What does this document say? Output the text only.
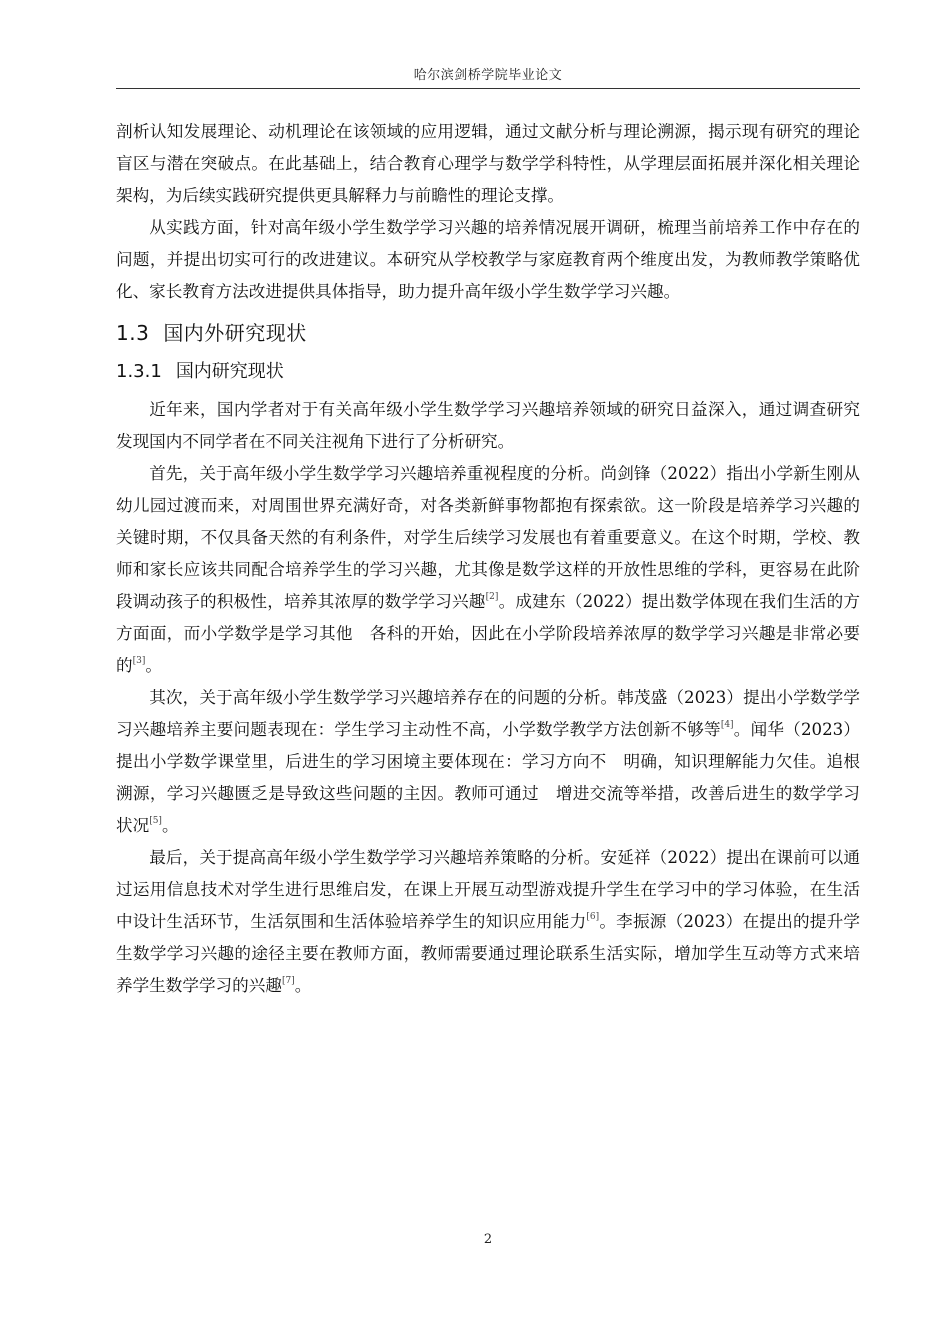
哈尔滨剑桥学院毕业论文

剖析认知发展理论、动机理论在该领域的应用逻辑，通过文献分析与理论溯源，揭示现有研究的理论盲区与潜在突破点。在此基础上，结合教育心理学与数学学科特性，从学理层面拓展并深化相关理论架构，为后续实践研究提供更具解释力与前瞻性的理论支撑。

从实践方面，针对高年级小学生数学学习兴趣的培养情况展开调研，梳理当前培养工作中存在的问题，并提出切实可行的改进建议。本研究从学校教学与家庭教育两个维度出发，为教师教学策略优化、家长教育方法改进提供具体指导，助力提升高年级小学生数学学习兴趣。

1.3 国内外研究现状
1.3.1 国内研究现状

近年来，国内学者对于有关高年级小学生数学学习兴趣培养领域的研究日益深入，通过调查研究发现国内不同学者在不同关注视角下进行了分析研究。

首先，关于高年级小学生数学学习兴趣培养重视程度的分析。尚剑锋（2022）指出小学新生刚从幼儿园过渡而来，对周围世界充满好奇，对各类新鲜事物都抱有探索欲。这一阶段是培养学习兴趣的关键时期，不仅具备天然的有利条件，对学生后续学习发展也有着重要意义。在这个时期，学校、教师和家长应该共同配合培养学生的学习兴趣，尤其像是数学这样的开放性思维的学科，更容易在此阶段调动孩子的积极性，培养其浓厚的数学学习兴趣[2]。成建东（2022）提出数学体现在我们生活的方方面面，而小学数学是学习其他　各科的开始，因此在小学阶段培养浓厚的数学学习兴趣是非常必要的[3]。

其次，关于高年级小学生数学学习兴趣培养存在的问题的分析。韩茂盛（2023）提出小学数学学习兴趣培养主要问题表现在：学生学习主动性不高，小学数学教学方法创新不够等[4]。闻华（2023）提出小学数学课堂里，后进生的学习困境主要体现在：学习方向不　明确，知识理解能力欠佳。追根溯源，学习兴趣匮乏是导致这些问题的主因。教师可通过　增进交流等举措，改善后进生的数学学习状况[5]。

最后，关于提高高年级小学生数学学习兴趣培养策略的分析。安延祥（2022）提出在课前可以通过运用信息技术对学生进行思维启发，在课上开展互动型游戏提升学生在学习中的学习体验，在生活中设计生活环节，生活氛围和生活体验培养学生的知识应用能力[6]。李振源（2023）在提出的提升学生数学学习兴趣的途径主要在教师方面，教师需要通过理论联系生活实际，增加学生互动等方式来培养学生数学学习的兴趣[7]。

2
